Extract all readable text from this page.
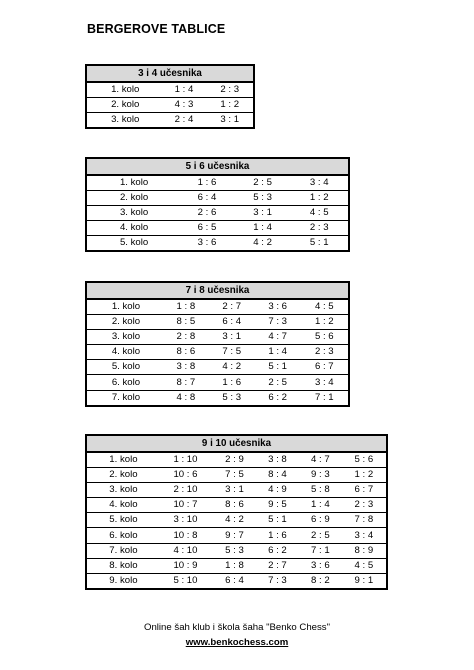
BERGEROVE TABLICE
3 i 4 učesnika		
1. kolo	1 : 4	2 : 3
2. kolo	4 : 3	1 : 2
3. kolo	2 : 4	3 : 1
5 i 6 učesnika			
1. kolo	1 : 6	2 : 5	3 : 4
2. kolo	6 : 4	5 : 3	1 : 2
3. kolo	2 : 6	3 : 1	4 : 5
4. kolo	6 : 5	1 : 4	2 : 3
5. kolo	3 : 6	4 : 2	5 : 1
7 i 8 učesnika				
1. kolo	1 : 8	2 : 7	3 : 6	4 : 5
2. kolo	8 : 5	6 : 4	7 : 3	1 : 2
3. kolo	2 : 8	3 : 1	4 : 7	5 : 6
4. kolo	8 : 6	7 : 5	1 : 4	2 : 3
5. kolo	3 : 8	4 : 2	5 : 1	6 : 7
6. kolo	8 : 7	1 : 6	2 : 5	3 : 4
7. kolo	4 : 8	5 : 3	6 : 2	7 : 1
9 i 10 učesnika					
1. kolo	1 : 10	2 : 9	3 : 8	4 : 7	5 : 6
2. kolo	10 : 6	7 : 5	8 : 4	9 : 3	1 : 2
3. kolo	2 : 10	3 : 1	4 : 9	5 : 8	6 : 7
4. kolo	10 : 7	8 : 6	9 : 5	1 : 4	2 : 3
5. kolo	3 : 10	4 : 2	5 : 1	6 : 9	7 : 8
6. kolo	10 : 8	9 : 7	1 : 6	2 : 5	3 : 4
7. kolo	4 : 10	5 : 3	6 : 2	7 : 1	8 : 9
8. kolo	10 : 9	1 : 8	2 : 7	3 : 6	4 : 5
9. kolo	5 : 10	6 : 4	7 : 3	8 : 2	9 : 1
Online šah klub i škola šaha "Benko Chess"
www.benkochess.com
